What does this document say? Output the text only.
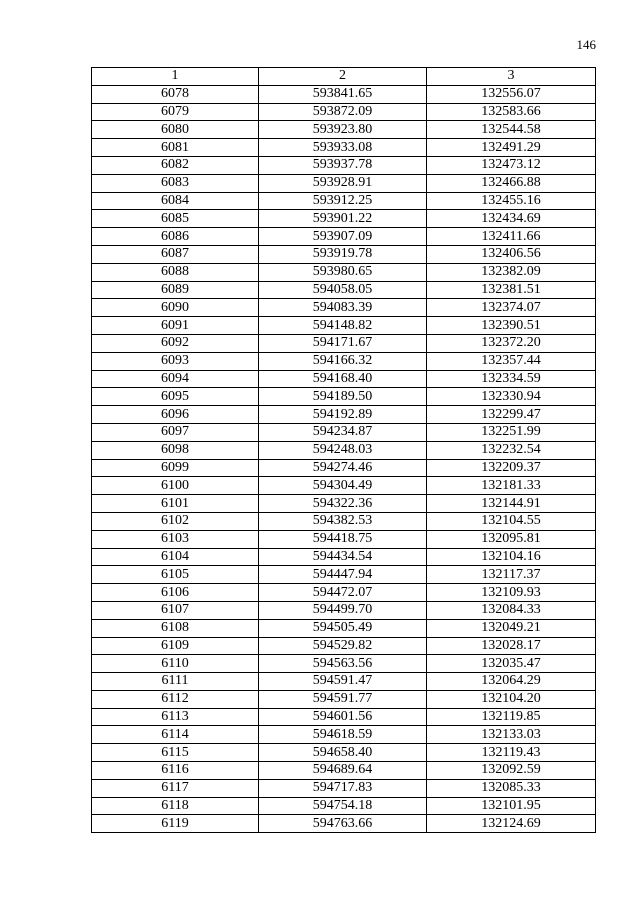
146
1	2	3
6078	593841.65	132556.07
6079	593872.09	132583.66
6080	593923.80	132544.58
6081	593933.08	132491.29
6082	593937.78	132473.12
6083	593928.91	132466.88
6084	593912.25	132455.16
6085	593901.22	132434.69
6086	593907.09	132411.66
6087	593919.78	132406.56
6088	593980.65	132382.09
6089	594058.05	132381.51
6090	594083.39	132374.07
6091	594148.82	132390.51
6092	594171.67	132372.20
6093	594166.32	132357.44
6094	594168.40	132334.59
6095	594189.50	132330.94
6096	594192.89	132299.47
6097	594234.87	132251.99
6098	594248.03	132232.54
6099	594274.46	132209.37
6100	594304.49	132181.33
6101	594322.36	132144.91
6102	594382.53	132104.55
6103	594418.75	132095.81
6104	594434.54	132104.16
6105	594447.94	132117.37
6106	594472.07	132109.93
6107	594499.70	132084.33
6108	594505.49	132049.21
6109	594529.82	132028.17
6110	594563.56	132035.47
6111	594591.47	132064.29
6112	594591.77	132104.20
6113	594601.56	132119.85
6114	594618.59	132133.03
6115	594658.40	132119.43
6116	594689.64	132092.59
6117	594717.83	132085.33
6118	594754.18	132101.95
6119	594763.66	132124.69
